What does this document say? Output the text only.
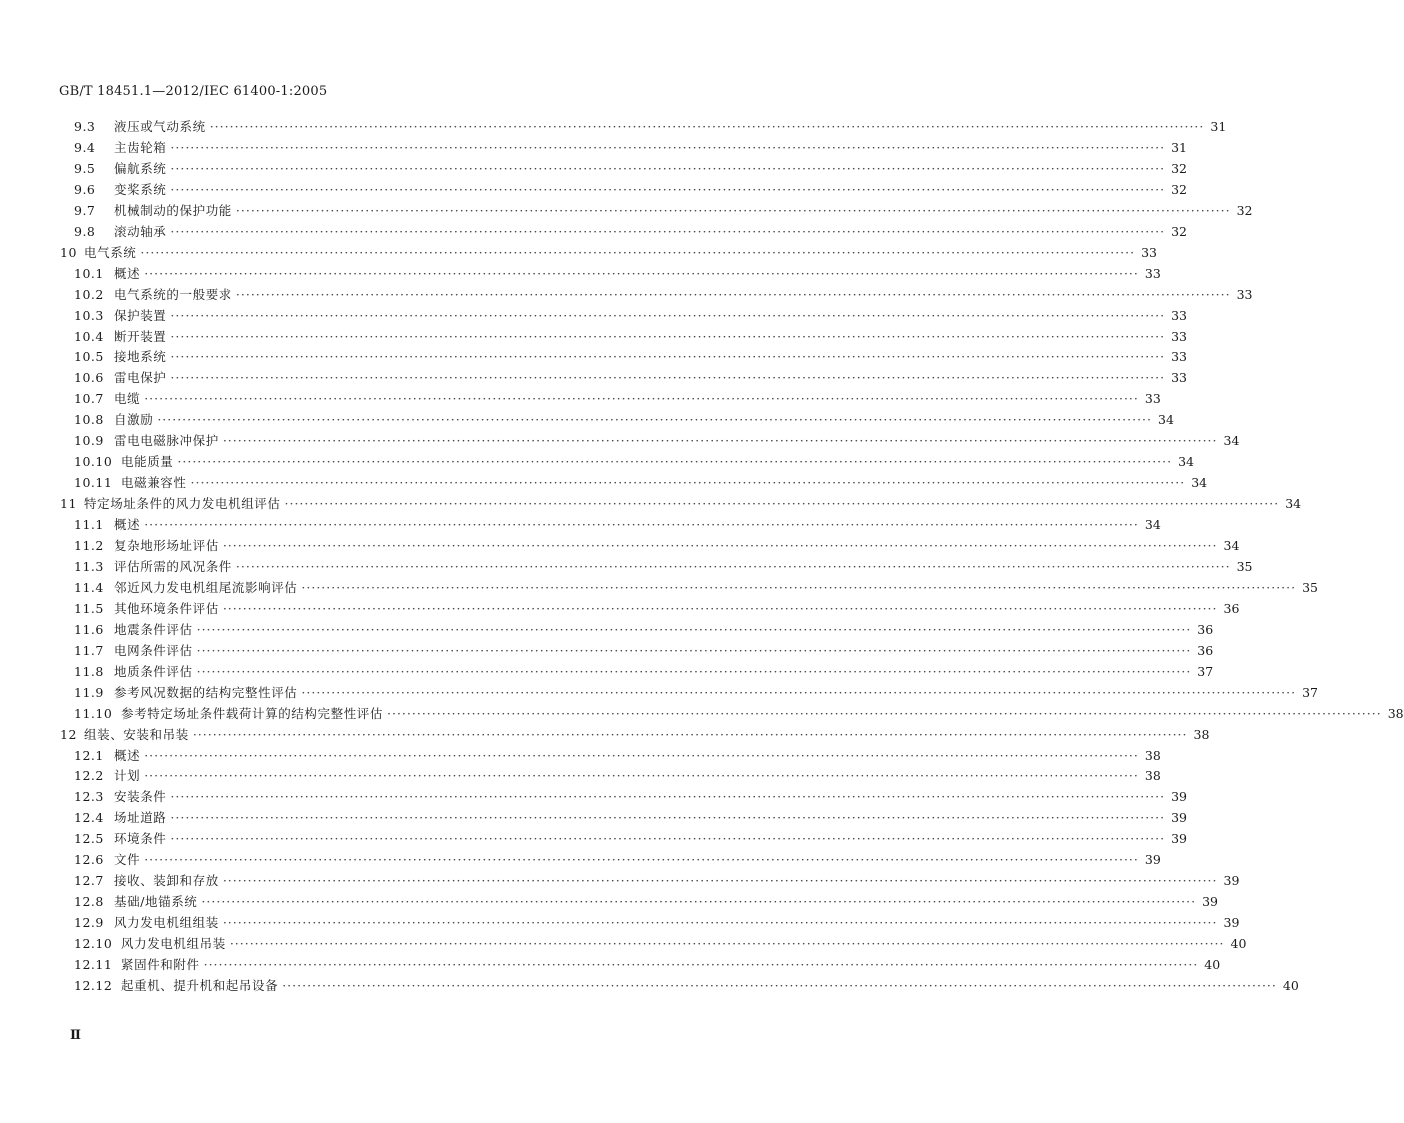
GB/T 18451.1—2012/IEC 61400-1:2005
9.3	液压或气动系统 ········································································································································································································ 31
9.4	主齿轮箱 ········································································································································································································ 31
9.5	偏航系统 ········································································································································································································ 32
9.6	变桨系统 ········································································································································································································ 32
9.7	机械制动的保护功能 ········································································································································································································ 32
9.8	滚动轴承 ········································································································································································································ 32
10 电气系统 ········································································································································································································ 33
10.1 概述 ········································································································································································································ 33
10.2 电气系统的一般要求 ········································································································································································································ 33
10.3 保护装置 ········································································································································································································ 33
10.4 断开装置 ········································································································································································································ 33
10.5 接地系统 ········································································································································································································ 33
10.6 雷电保护 ········································································································································································································ 33
10.7 电缆 ········································································································································································································ 33
10.8 自激励 ········································································································································································································ 34
10.9 雷电电磁脉冲保护 ········································································································································································································ 34
10.10 电能质量 ········································································································································································································ 34
10.11 电磁兼容性 ········································································································································································································ 34
11 特定场址条件的风力发电机组评估 ········································································································································································································ 34
11.1 概述 ········································································································································································································ 34
11.2 复杂地形场址评估 ········································································································································································································ 34
11.3 评估所需的风况条件 ········································································································································································································ 35
11.4 邻近风力发电机组尾流影响评估 ········································································································································································································ 35
11.5 其他环境条件评估 ········································································································································································································ 36
11.6 地震条件评估 ········································································································································································································ 36
11.7 电网条件评估 ········································································································································································································ 36
11.8 地质条件评估 ········································································································································································································ 37
11.9 参考风况数据的结构完整性评估 ········································································································································································································ 37
11.10 参考特定场址条件载荷计算的结构完整性评估 ········································································································································································································ 38
12 组装、安装和吊装 ········································································································································································································ 38
12.1 概述 ········································································································································································································ 38
12.2 计划 ········································································································································································································ 38
12.3 安装条件 ········································································································································································································ 39
12.4 场址道路 ········································································································································································································ 39
12.5 环境条件 ········································································································································································································ 39
12.6 文件 ········································································································································································································ 39
12.7 接收、装卸和存放 ········································································································································································································ 39
12.8 基础/地锚系统 ········································································································································································································ 39
12.9 风力发电机组组装 ········································································································································································································ 39
12.10 风力发电机组吊装 ········································································································································································································ 40
12.11 紧固件和附件 ········································································································································································································ 40
12.12 起重机、提升机和起吊设备 ········································································································································································································ 40
Ⅱ
